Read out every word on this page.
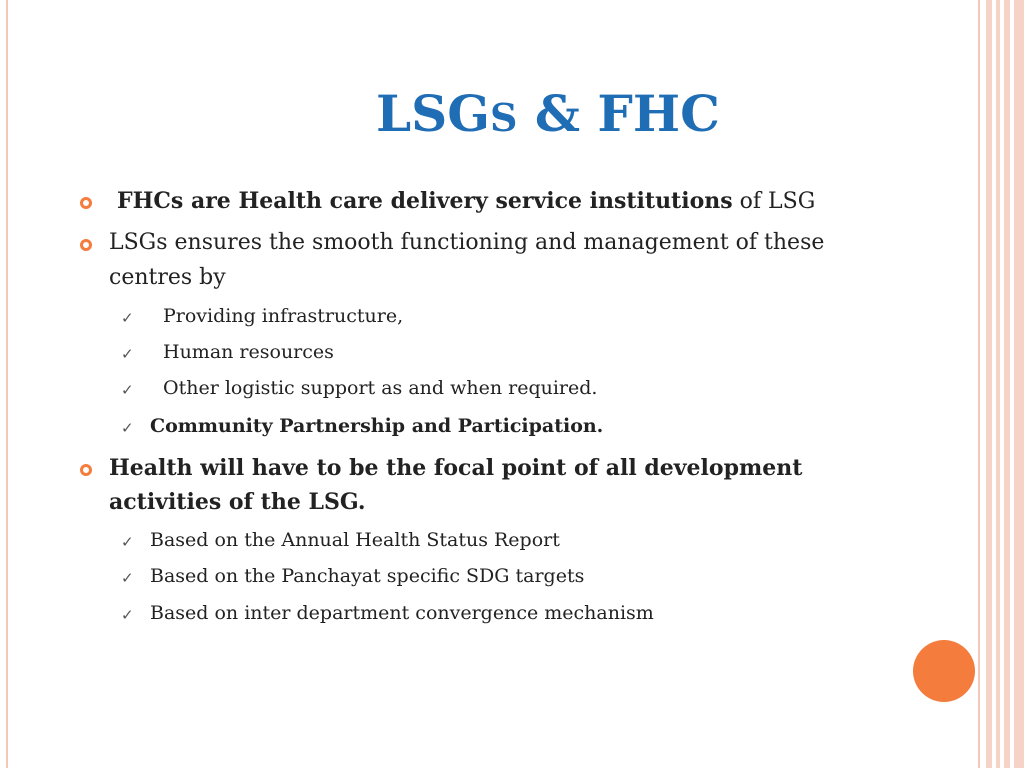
LSGS & FHC
FHCs are Health care delivery service institutions of LSG
LSGs ensures the smooth functioning and management of these
centres by
✓ Providing infrastructure,
✓ Human resources
✓ Other logistic support as and when required.
✓ Community Partnership and Participation.
Health will have to be the focal point of all development
activities of the LSG.
✓ Based on the Annual Health Status Report
✓ Based on the Panchayat specific SDG targets
✓ Based on inter department convergence mechanism
